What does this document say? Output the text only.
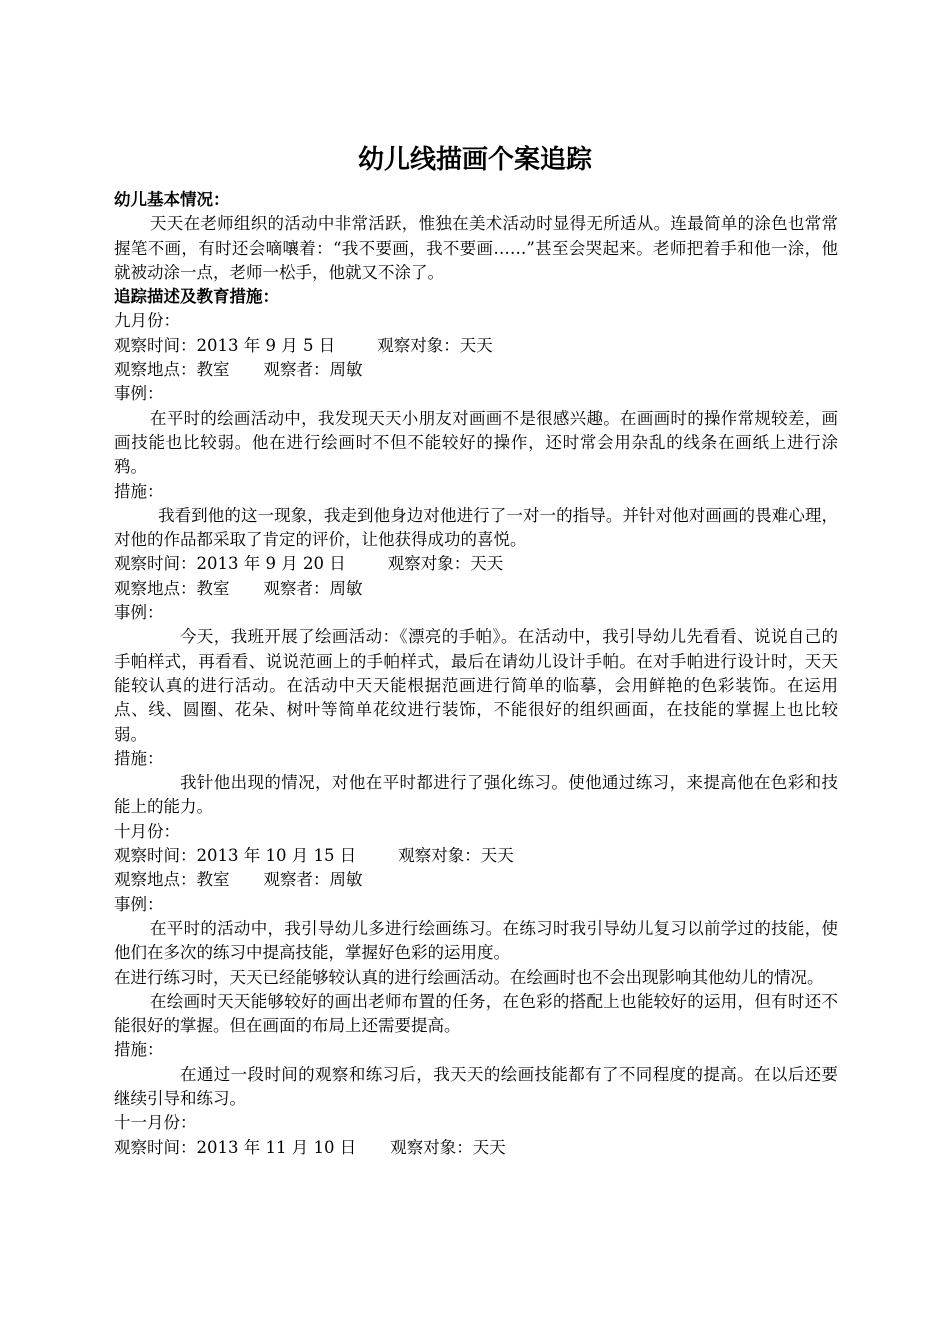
幼儿线描画个案追踪

幼儿基本情况：

天天在老师组织的活动中非常活跃，惟独在美术活动时显得无所适从。连最简单的涂色也常常握笔不画，有时还会嘀嚷着：“我不要画，我不要画……”甚至会哭起来。老师把着手和他一涂，他就被动涂一点，老师一松手，他就又不涂了。

追踪描述及教育措施：

九月份：

观察时间：2013 年 9 月 5 日	观察对象：天天

观察地点：教室 观察者：周敏

事例：

在平时的绘画活动中，我发现天天小朋友对画画不是很感兴趣。在画画时的操作常规较差，画画技能也比较弱。他在进行绘画时不但不能较好的操作，还时常会用杂乱的线条在画纸上进行涂鸦。

措施：

我看到他的这一现象，我走到他身边对他进行了一对一的指导。并针对他对画画的畏难心理，对他的作品都采取了肯定的评价，让他获得成功的喜悦。

观察时间：2013 年 9 月 20 日	观察对象：天天

观察地点：教室 观察者：周敏

事例：

今天，我班开展了绘画活动：《漂亮的手帕》。在活动中，我引导幼儿先看看、说说自己的手帕样式，再看看、说说范画上的手帕样式，最后在请幼儿设计手帕。在对手帕进行设计时，天天能较认真的进行活动。在活动中天天能根据范画进行简单的临摹，会用鲜艳的色彩装饰。在运用点、线、圆圈、花朵、树叶等简单花纹进行装饰，不能很好的组织画面，在技能的掌握上也比较弱。

措施：

我针他出现的情况，对他在平时都进行了强化练习。使他通过练习，来提高他在色彩和技能上的能力。

十月份：

观察时间：2013 年 10 月 15 日	观察对象：天天

观察地点：教室 观察者：周敏

事例：

在平时的活动中，我引导幼儿多进行绘画练习。在练习时我引导幼儿复习以前学过的技能，使他们在多次的练习中提高技能，掌握好色彩的运用度。

在进行练习时，天天已经能够较认真的进行绘画活动。在绘画时也不会出现影响其他幼儿的情况。

在绘画时天天能够较好的画出老师布置的任务，在色彩的搭配上也能较好的运用，但有时还不能很好的掌握。但在画面的布局上还需要提高。

措施：

在通过一段时间的观察和练习后，我天天的绘画技能都有了不同程度的提高。在以后还要继续引导和练习。

十一月份：

观察时间：2013 年 11 月 10 日 观察对象：天天
